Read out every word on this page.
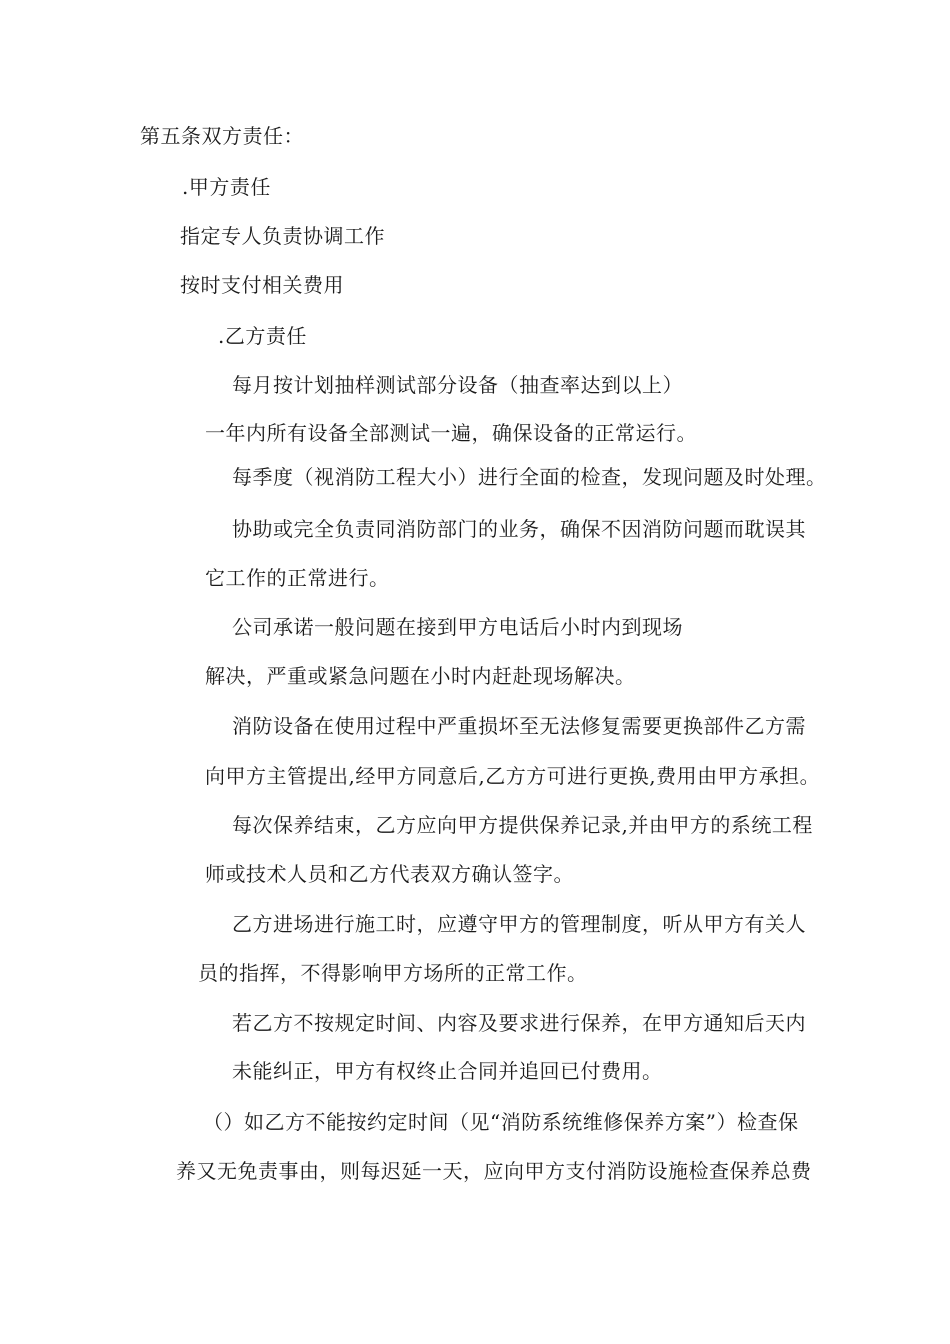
第五条双方责任：
.甲方责任
指定专人负责协调工作
按时支付相关费用
.乙方责任
每月按计划抽样测试部分设备（抽查率达到以上）
一年内所有设备全部测试一遍，确保设备的正常运行。
每季度（视消防工程大小）进行全面的检查，发现问题及时处理。
协助或完全负责同消防部门的业务，确保不因消防问题而耽误其
它工作的正常进行。
公司承诺一般问题在接到甲方电话后小时内到现场
解决，严重或紧急问题在小时内赶赴现场解决。
消防设备在使用过程中严重损坏至无法修复需要更换部件乙方需
向甲方主管提出,经甲方同意后,乙方方可进行更换,费用由甲方承担。
每次保养结束，乙方应向甲方提供保养记录,并由甲方的系统工程
师或技术人员和乙方代表双方确认签字。
乙方进场进行施工时，应遵守甲方的管理制度，听从甲方有关人
员的指挥，不得影响甲方场所的正常工作。
若乙方不按规定时间、内容及要求进行保养，在甲方通知后天内
未能纠正，甲方有权终止合同并追回已付费用。
（）如乙方不能按约定时间（见“消防系统维修保养方案”）检查保
养又无免责事由，则每迟延一天，应向甲方支付消防设施检查保养总费
